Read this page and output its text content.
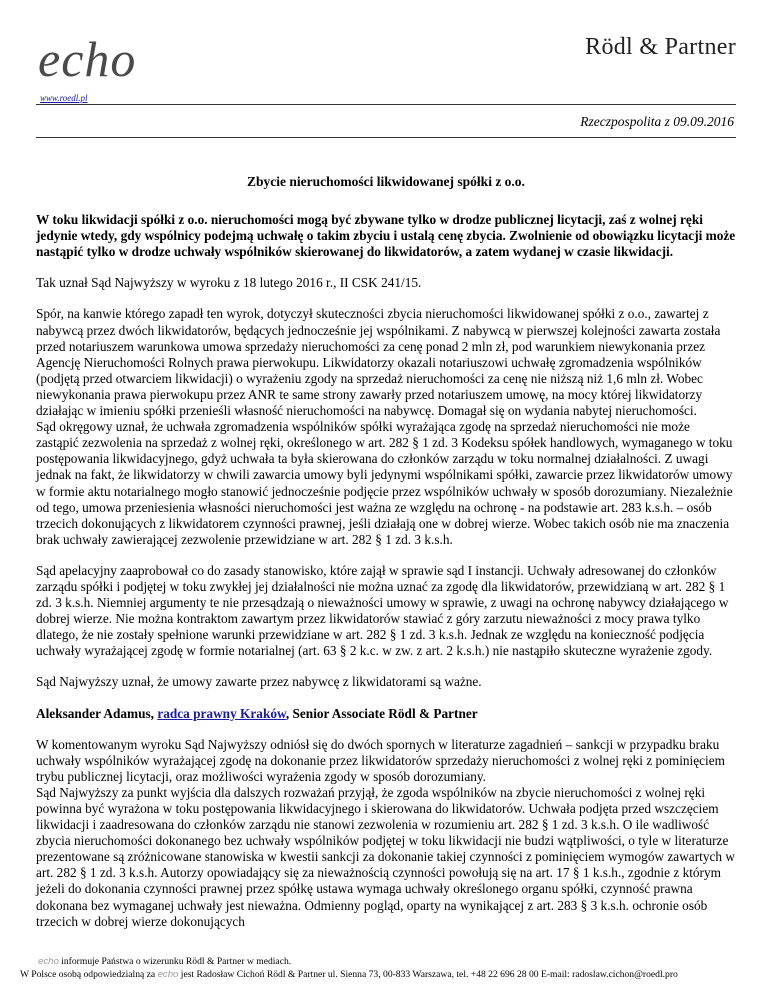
echo
www.roedl.pl
Rödl & Partner
Rzeczpospolita z 09.09.2016
Zbycie nieruchomości likwidowanej spółki z o.o.

W toku likwidacji spółki z o.o. nieruchomości mogą być zbywane tylko w drodze publicznej licytacji, zaś z wolnej ręki jedynie wtedy, gdy wspólnicy podejmą uchwałę o takim zbyciu i ustalą cenę zbycia. Zwolnienie od obowiązku licytacji może nastąpić tylko w drodze uchwały wspólników skierowanej do likwidatorów, a zatem wydanej w czasie likwidacji.

Tak uznał Sąd Najwyższy w wyroku z 18 lutego 2016 r., II CSK 241/15.

Spór, na kanwie którego zapadł ten wyrok, dotyczył skuteczności zbycia nieruchomości likwidowanej spółki z o.o., zawartej z nabywcą przez dwóch likwidatorów, będących jednocześnie jej wspólnikami. Z nabywcą w pierwszej kolejności zawarta została przed notariuszem warunkowa umowa sprzedaży nieruchomości za cenę ponad 2 mln zł, pod warunkiem niewykonania przez Agencję Nieruchomości Rolnych prawa pierwokupu. Likwidatorzy okazali notariuszowi uchwałę zgromadzenia wspólników (podjętą przed otwarciem likwidacji) o wyrażeniu zgody na sprzedaż nieruchomości za cenę nie niższą niż 1,6 mln zł. Wobec niewykonania prawa pierwokupu przez ANR te same strony zawarły przed notariuszem umowę, na mocy której likwidatorzy działając w imieniu spółki przenieśli własność nieruchomości na nabywcę. Domagał się on wydania nabytej nieruchomości.

Sąd okręgowy uznał, że uchwała zgromadzenia wspólników spółki wyrażająca zgodę na sprzedaż nieruchomości nie może zastąpić zezwolenia na sprzedaż z wolnej ręki, określonego w art. 282 § 1 zd. 3 Kodeksu spółek handlowych, wymaganego w toku postępowania likwidacyjnego, gdyż uchwała ta była skierowana do członków zarządu w toku normalnej działalności. Z uwagi jednak na fakt, że likwidatorzy w chwili zawarcia umowy byli jedynymi wspólnikami spółki, zawarcie przez likwidatorów umowy w formie aktu notarialnego mogło stanowić jednocześnie podjęcie przez wspólników uchwały w sposób dorozumiany. Niezależnie od tego, umowa przeniesienia własności nieruchomości jest ważna ze względu na ochronę - na podstawie art. 283 k.s.h. – osób trzecich dokonujących z likwidatorem czynności prawnej, jeśli działają one w dobrej wierze. Wobec takich osób nie ma znaczenia brak uchwały zawierającej zezwolenie przewidziane w art. 282 § 1 zd. 3 k.s.h.

Sąd apelacyjny zaaprobował co do zasady stanowisko, które zajął w sprawie sąd I instancji. Uchwały adresowanej do członków zarządu spółki i podjętej w toku zwykłej jej działalności nie można uznać za zgodę dla likwidatorów, przewidzianą w art. 282 § 1 zd. 3 k.s.h. Niemniej argumenty te nie przesądzają o nieważności umowy w sprawie, z uwagi na ochronę nabywcy działającego w dobrej wierze. Nie można kontraktom zawartym przez likwidatorów stawiać z góry zarzutu nieważności z mocy prawa tylko dlatego, że nie zostały spełnione warunki przewidziane w art. 282 § 1 zd. 3 k.s.h. Jednak ze względu na konieczność podjęcia uchwały wyrażającej zgodę w formie notarialnej (art. 63 § 2 k.c. w zw. z art. 2 k.s.h.) nie nastąpiło skuteczne wyrażenie zgody.

Sąd Najwyższy uznał, że umowy zawarte przez nabywcę z likwidatorami są ważne.

Aleksander Adamus, radca prawny Kraków, Senior Associate Rödl & Partner

W komentowanym wyroku Sąd Najwyższy odniósł się do dwóch spornych w literaturze zagadnień – sankcji w przypadku braku uchwały wspólników wyrażającej zgodę na dokonanie przez likwidatorów sprzedaży nieruchomości z wolnej ręki z pominięciem trybu publicznej licytacji, oraz możliwości wyrażenia zgody w sposób dorozumiany.

Sąd Najwyższy za punkt wyjścia dla dalszych rozważań przyjął, że zgoda wspólników na zbycie nieruchomości z wolnej ręki powinna być wyrażona w toku postępowania likwidacyjnego i skierowana do likwidatorów. Uchwała podjęta przed wszczęciem likwidacji i zaadresowana do członków zarządu nie stanowi zezwolenia w rozumieniu art. 282 § 1 zd. 3 k.s.h. O ile wadliwość zbycia nieruchomości dokonanego bez uchwały wspólników podjętej w toku likwidacji nie budzi wątpliwości, o tyle w literaturze prezentowane są zróżnicowane stanowiska w kwestii sankcji za dokonanie takiej czynności z pominięciem wymogów zawartych w art. 282 § 1 zd. 3 k.s.h. Autorzy opowiadający się za nieważnością czynności powołują się na art. 17 § 1 k.s.h., zgodnie z którym jeżeli do dokonania czynności prawnej przez spółkę ustawa wymaga uchwały określonego organu spółki, czynność prawna dokonana bez wymaganej uchwały jest nieważna. Odmienny pogląd, oparty na wynikającej z art. 283 § 3 k.s.h. ochronie osób trzecich w dobrej wierze dokonujących

echo informuje Państwa o wizerunku Rödl & Partner w mediach.
W Polsce osobą odpowiedzialną za echo jest Radosław Cichoń Rödl & Partner ul. Sienna 73, 00-833 Warszawa, tel. +48 22 696 28 00 E-mail: radoslaw.cichon@roedl.pro
